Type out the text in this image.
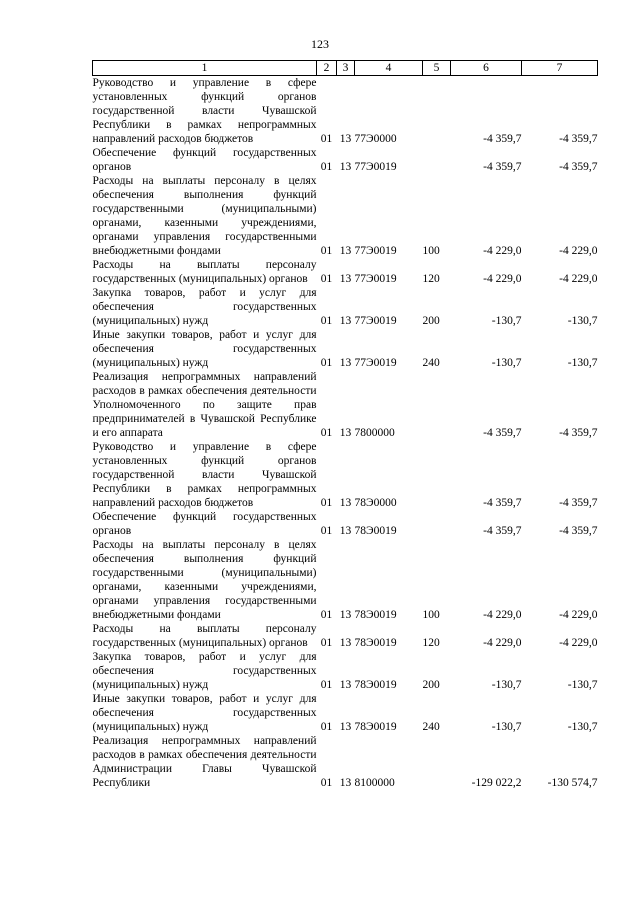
123
1	2	3	4	5	6	7
Руководство и управление в сфере установленных функций органов государственной власти Чувашской Республики в рамках непрограммных направлений расходов бюджетов	01	13	77Э0000		-4 359,7	-4 359,7
Обеспечение функций государственных органов	01	13	77Э0019		-4 359,7	-4 359,7
Расходы на выплаты персоналу в целях обеспечения выполнения функций государственными (муниципальными) органами, казенными учреждениями, органами управления государственными внебюджетными фондами	01	13	77Э0019	100	-4 229,0	-4 229,0
Расходы на выплаты персоналу государственных (муниципальных) органов	01	13	77Э0019	120	-4 229,0	-4 229,0
Закупка товаров, работ и услуг для обеспечения государственных (муниципальных) нужд	01	13	77Э0019	200	-130,7	-130,7
Иные закупки товаров, работ и услуг для обеспечения государственных (муниципальных) нужд	01	13	77Э0019	240	-130,7	-130,7
Реализация непрограммных направлений расходов в рамках обеспечения деятельности Уполномоченного по защите прав предпринимателей в Чувашской Республике и его аппарата	01	13	7800000		-4 359,7	-4 359,7
Руководство и управление в сфере установленных функций органов государственной власти Чувашской Республики в рамках непрограммных направлений расходов бюджетов	01	13	78Э0000		-4 359,7	-4 359,7
Обеспечение функций государственных органов	01	13	78Э0019		-4 359,7	-4 359,7
Расходы на выплаты персоналу в целях обеспечения выполнения функций государственными (муниципальными) органами, казенными учреждениями, органами управления государственными внебюджетными фондами	01	13	78Э0019	100	-4 229,0	-4 229,0
Расходы на выплаты персоналу государственных (муниципальных) органов	01	13	78Э0019	120	-4 229,0	-4 229,0
Закупка товаров, работ и услуг для обеспечения государственных (муниципальных) нужд	01	13	78Э0019	200	-130,7	-130,7
Иные закупки товаров, работ и услуг для обеспечения государственных (муниципальных) нужд	01	13	78Э0019	240	-130,7	-130,7
Реализация непрограммных направлений расходов в рамках обеспечения деятельности Администрации Главы Чувашской Республики	01	13	8100000		-129 022,2	-130 574,7
